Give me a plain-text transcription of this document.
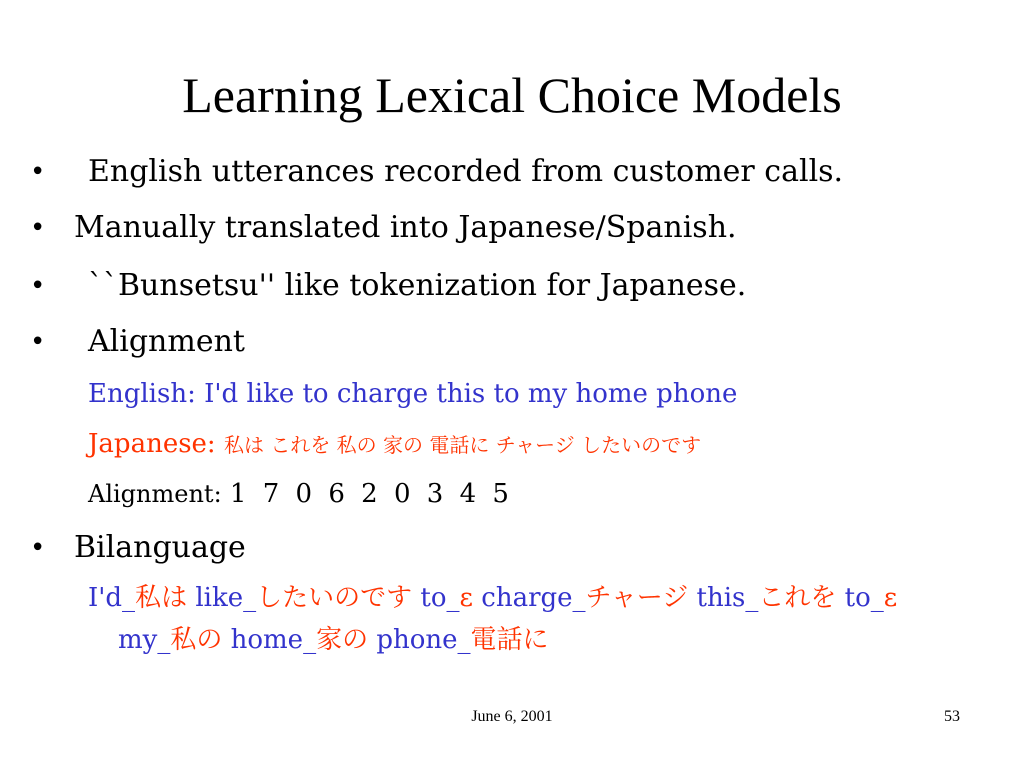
Learning Lexical Choice Models
• English utterances recorded from customer calls.
• Manually translated into Japanese/Spanish.
• ``Bunsetsu'' like tokenization for Japanese.
• Alignment
English: I'd like to charge this to my home phone
Japanese: 私は これを 私の 家の 電話に チャージ したいのです
Alignment: 1 7 0 6 2 0 3 4 5
• Bilanguage
I'd_私は like_したいのです to_ε charge_チャージ this_これを to_ε
my_私の home_家の phone_電話に
June 6, 2001	53
